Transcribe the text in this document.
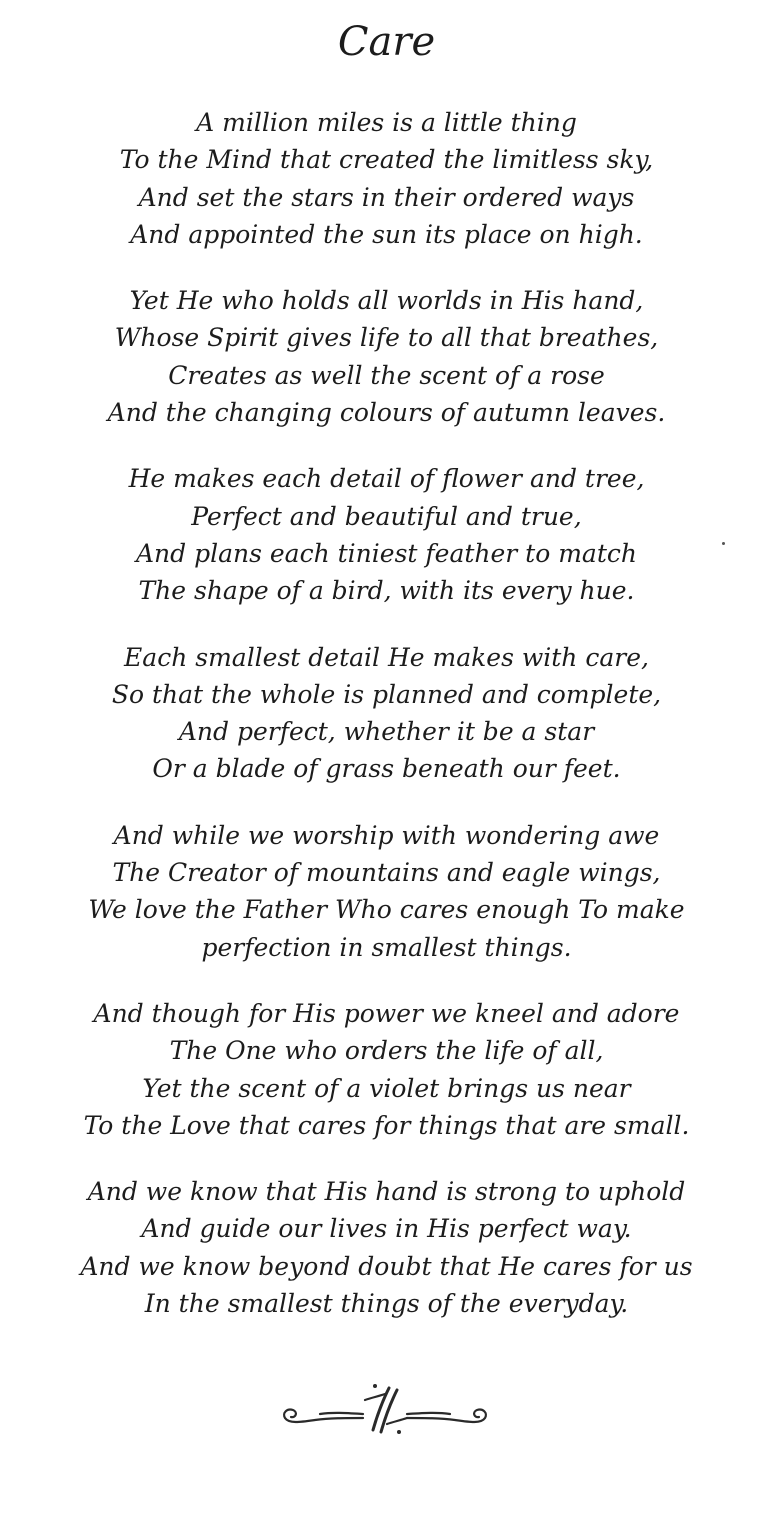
Care
A million miles is a little thing
To the Mind that created the limitless sky,
And set the stars in their ordered ways
And appointed the sun its place on high.
Yet He who holds all worlds in His hand,
Whose Spirit gives life to all that breathes,
Creates as well the scent of a rose
And the changing colours of autumn leaves.
He makes each detail of flower and tree,
Perfect and beautiful and true,
And plans each tiniest feather to match
The shape of a bird, with its every hue.
Each smallest detail He makes with care,
So that the whole is planned and complete,
And perfect, whether it be a star
Or a blade of grass beneath our feet.
And while we worship with wondering awe
The Creator of mountains and eagle wings,
We love the Father Who cares enough To make
perfection in smallest things.
And though for His power we kneel and adore
The One who orders the life of all,
Yet the scent of a violet brings us near
To the Love that cares for things that are small.
And we know that His hand is strong to uphold
And guide our lives in His perfect way.
And we know beyond doubt that He cares for us
In the smallest things of the everyday.
